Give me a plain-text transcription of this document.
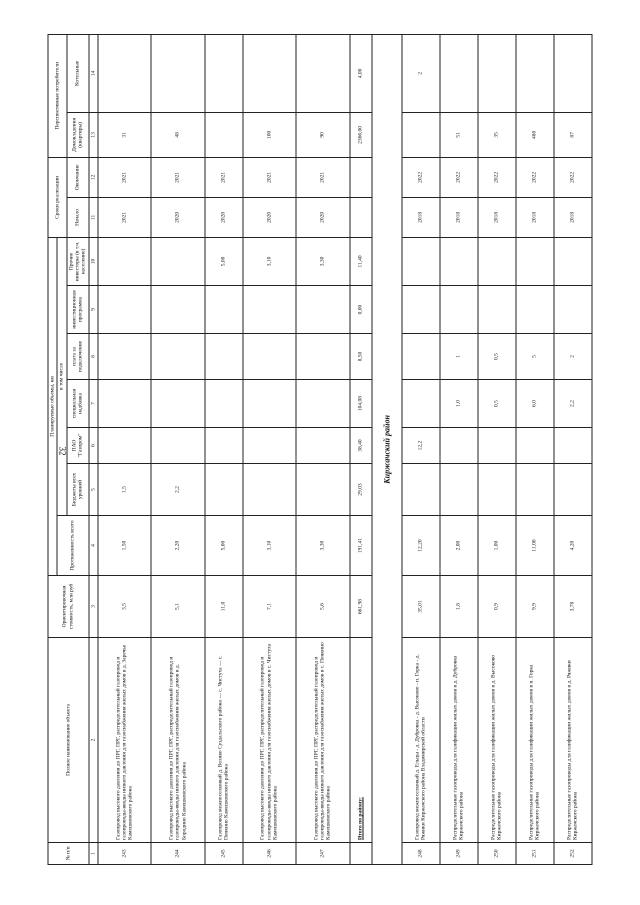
32
№ п/п	Полное наименование объекта	Ориентировочная стоимость, млн руб	Планируемые объемы, км							Сроки реализации		Перспективные потребители	
			Протяженность всего	в том числе									
				Бюджеты всех уровней	ПАО "Газпром"	специальная надбавка	плата за подключение	инвестиционная программа	Прочие инвесторы (в т.ч. население)	Начало	Окончание	Домовладения (квартиры)	Котельные
1	2	3	4	5	6	7	8	9	10	11	12	13	14
243	Газопровод высокого давления до ПРГ, ПРГ, распределительный газопровод и газопроводы-вводы низкого давления для газоснабжения жилых домов в д. Заречье Камешковского района	3,5	1,50	1,5						2021	2021	31	
244	Газопровод высокого давления до ПРГ, ПРГ, распределительный газопровод и газопроводы-вводы низкого давления для газоснабжения жилых домов в д. Бородино Камешковского района	5,1	2,20	2,2						2020	2021	48	
245	Газопровод межпоселковый д. Велико Суздальского района — с. Чистуха — с. Пенкино Камешковского района	11,0	5,00						5,00	2020	2021		
246	Газопровод высокого давления до ПРГ, ПРГ, распределительный газопровод и газопроводы-вводы низкого давления для газоснабжения жилых домов в с. Чистуха Камешковского района	7,1	3,10						3,10	2020	2021	100	
247	Газопровод высокого давления до ПРГ, ПРГ, распределительный газопровод и газопроводы-вводы низкого давления для газоснабжения жилых домов в с. Пенкино Камешковского района	5,6	3,30						3,30	2020	2021	90	
	Итого по району:	661,98	191,41	29,03	38,40	104,08	8,50	0,00	11,40			2366,00	4,00
Киржачский район													
248	Газопровод межпоселковый д. Ельцы - д. Дубровка - д. Высоково - п. Горка - д. Ряжики Киржачского района Владимирской области	35,01	12,20		12,2					2018	2022		2
249	Распределительные газопроводы для газификации жилых домов в д. Дубровка Киржачского района	1,8	2,00			1,0	1			2018	2022	51	
250	Распределительные газопроводы для газификации жилых домов в д. Высоково Киржачского района	0,9	1,00			0,5	0,5			2018	2022	35	
251	Распределительные газопроводы для газификации жилых домов в п. Горка Киржачского района	9,9	11,00			6,0	5			2018	2022	480	
252	Распределительные газопроводы для газификации жилых домов в д. Ряжики Киржачского района	3,78	4,20			2,2	2			2018	2022	87	
